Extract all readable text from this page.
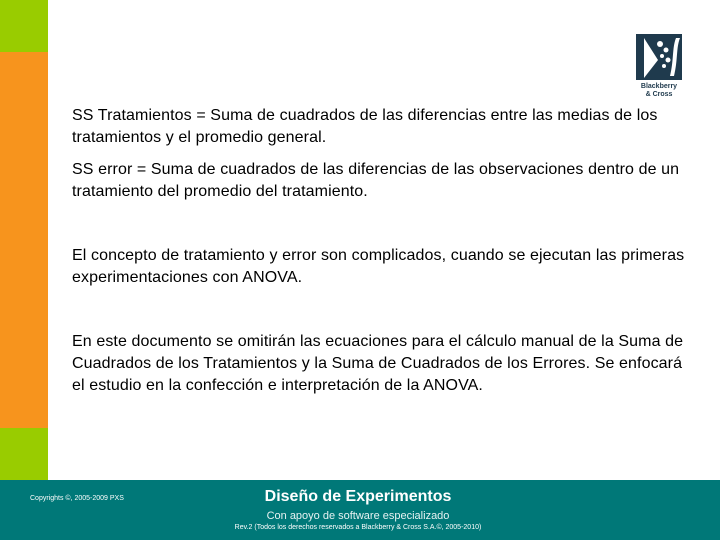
Blackberry
& Cross

SS Tratamientos = Suma de cuadrados de las diferencias entre las medias de los tratamientos y el promedio general.

SS error = Suma de cuadrados de las diferencias de las observaciones dentro de un tratamiento del promedio del tratamiento.

El concepto de tratamiento y error son complicados, cuando se ejecutan las primeras experimentaciones con ANOVA.

En este documento se omitirán las ecuaciones para el cálculo manual de la Suma de Cuadrados de los Tratamientos y la Suma de Cuadrados de los Errores. Se enfocará el estudio en la confección e interpretación de la ANOVA.

Copyrights ©, 2005-2009 PXS	Diseño de Experimentos
Con apoyo de software especializado
Rev.2 (Todos los derechos reservados a Blackberry & Cross S.A.©, 2005-2010)
